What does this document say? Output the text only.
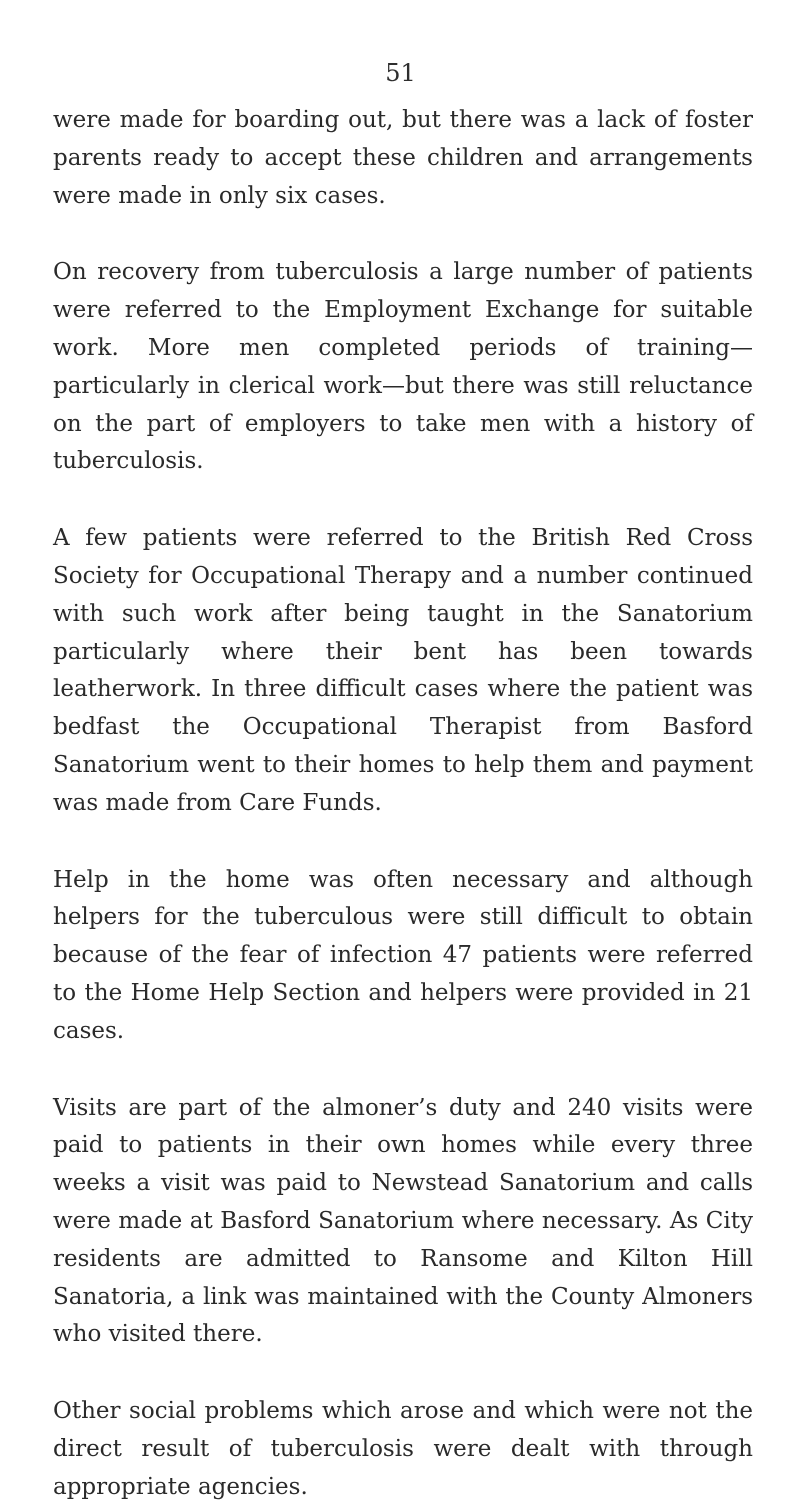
51

were made for boarding out, but there was a lack of foster parents ready to accept these children and arrangements were made in only six cases.

On recovery from tuberculosis a large number of patients were referred to the Employment Exchange for suitable work. More men completed periods of training—particularly in clerical work—but there was still reluctance on the part of employers to take men with a history of tuberculosis.

A few patients were referred to the British Red Cross Society for Occupational Therapy and a number continued with such work after being taught in the Sanatorium particularly where their bent has been towards leatherwork. In three difficult cases where the patient was bedfast the Occupational Therapist from Basford Sanatorium went to their homes to help them and payment was made from Care Funds.

Help in the home was often necessary and although helpers for the tuberculous were still difficult to obtain because of the fear of infection 47 patients were referred to the Home Help Section and helpers were provided in 21 cases.

Visits are part of the almoner’s duty and 240 visits were paid to patients in their own homes while every three weeks a visit was paid to Newstead Sanatorium and calls were made at Basford Sanatorium where necessary. As City residents are admitted to Ransome and Kilton Hill Sanatoria, a link was maintained with the County Almoners who visited there.

Other social problems which arose and which were not the direct result of tuberculosis were dealt with through appropriate agencies.
